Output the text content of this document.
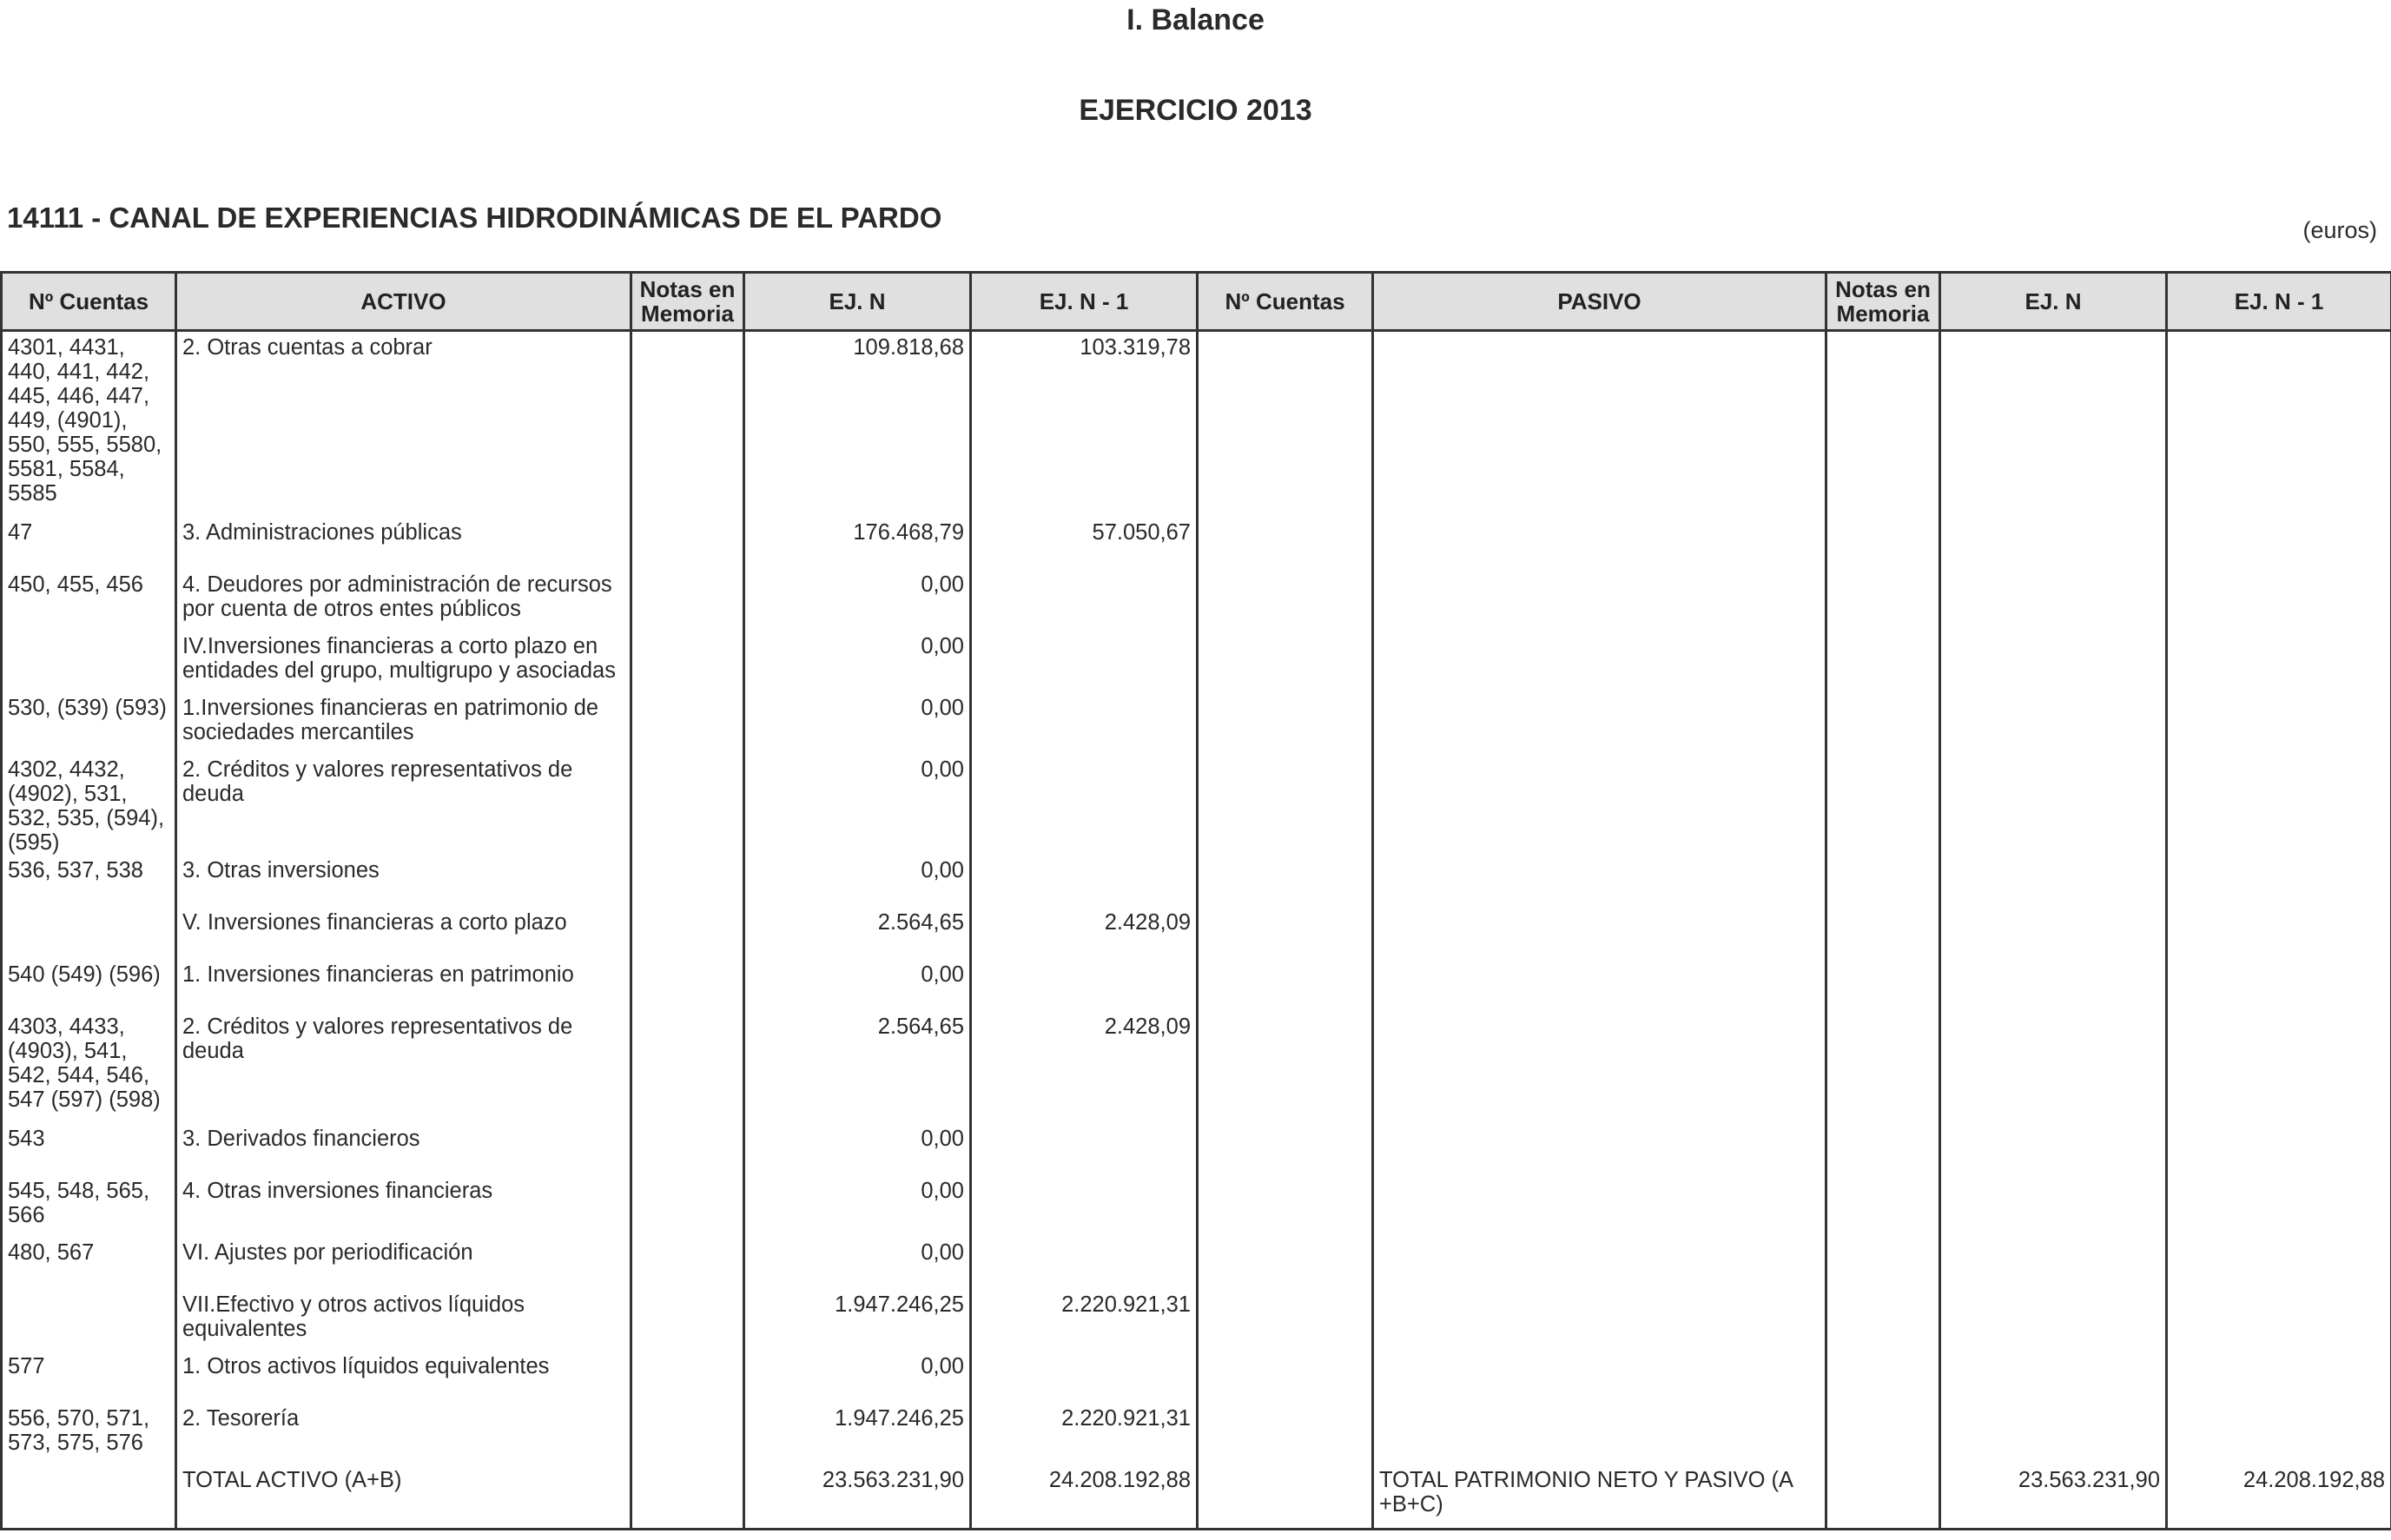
I. Balance
EJERCICIO 2013
14111 - CANAL DE EXPERIENCIAS HIDRODINÁMICAS DE EL PARDO	(euros)
Nº Cuentas	ACTIVO	Notas en Memoria	EJ. N	EJ. N - 1	Nº Cuentas	PASIVO	Notas en Memoria	EJ. N	EJ. N - 1
4301, 4431, 440, 441, 442, 445, 446, 447, 449, (4901), 550, 555, 5580, 5581, 5584, 5585	2. Otras cuentas a cobrar		109.818,68	103.319,78					
47	3. Administraciones públicas		176.468,79	57.050,67					
450, 455, 456	4. Deudores por administración de recursos por cuenta de otros entes públicos		0,00						
	IV.Inversiones financieras a corto plazo en entidades del grupo, multigrupo y asociadas		0,00						
530, (539) (593)	1.Inversiones financieras en patrimonio de sociedades mercantiles		0,00						
4302, 4432, (4902), 531, 532, 535, (594), (595)	2. Créditos y valores representativos de deuda		0,00						
536, 537, 538	3. Otras inversiones		0,00						
	V. Inversiones financieras a corto plazo		2.564,65	2.428,09					
540 (549) (596)	1. Inversiones financieras en patrimonio		0,00						
4303, 4433, (4903), 541, 542, 544, 546, 547 (597) (598)	2. Créditos y valores representativos de deuda		2.564,65	2.428,09					
543	3. Derivados financieros		0,00						
545, 548, 565, 566	4. Otras inversiones financieras		0,00						
480, 567	VI. Ajustes por periodificación		0,00						
	VII.Efectivo y otros activos líquidos equivalentes		1.947.246,25	2.220.921,31					
577	1. Otros activos líquidos equivalentes		0,00						
556, 570, 571, 573, 575, 576	2. Tesorería		1.947.246,25	2.220.921,31					
	TOTAL ACTIVO (A+B)		23.563.231,90	24.208.192,88		TOTAL PATRIMONIO NETO Y PASIVO (A +B+C)		23.563.231,90	24.208.192,88
